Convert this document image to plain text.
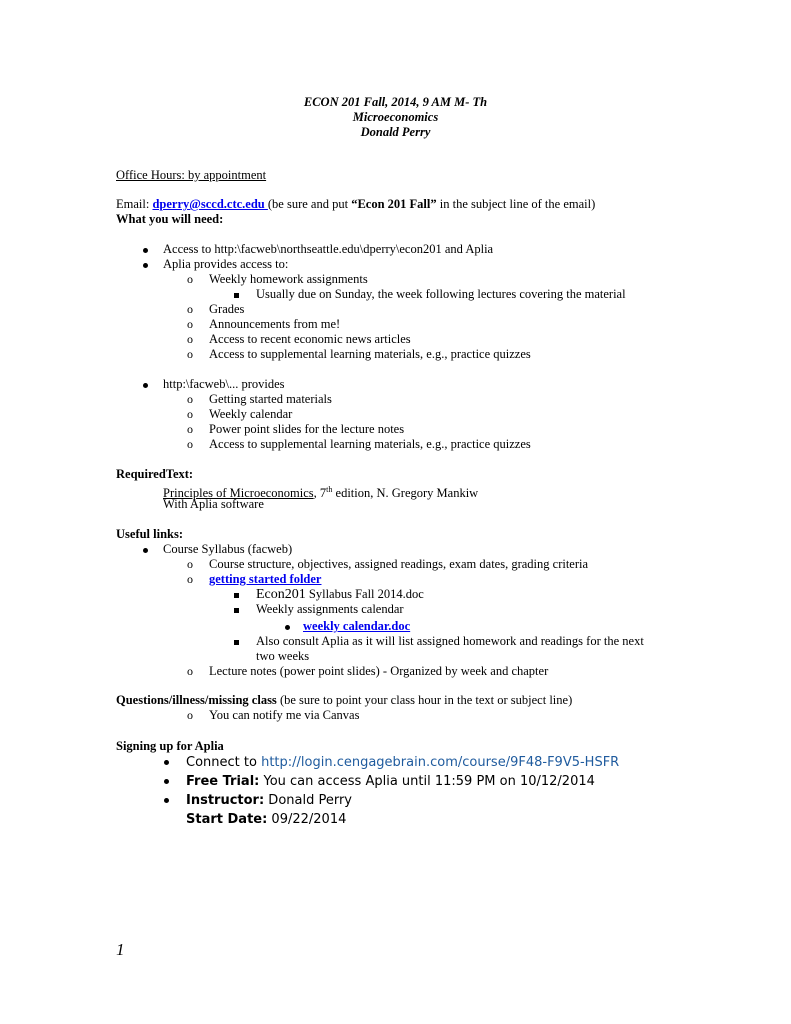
ECON 201 Fall, 2014, 9 AM M- Th
Microeconomics
Donald Perry
Office Hours: by appointment
Email: dperry@sccd.ctc.edu (be sure and put “Econ 201 Fall” in the subject line of the email)
What you will need:
Access to http:\facweb\northseattle.edu\dperry\econ201 and Aplia
Aplia provides access to:
o Weekly homework assignments
Usually due on Sunday, the week following lectures covering the material
o Grades
o Announcements from me!
o Access to recent economic news articles
o Access to supplemental learning materials, e.g., practice quizzes
http:\facweb\... provides
o Getting started materials
o Weekly calendar
o Power point slides for the lecture notes
o Access to supplemental learning materials, e.g., practice quizzes
RequiredText:
Principles of Microeconomics, 7th edition, N. Gregory Mankiw
With Aplia software
Useful links:
Course Syllabus (facweb)
o Course structure, objectives, assigned readings, exam dates, grading criteria
o getting started folder
Econ201 Syllabus Fall 2014.doc
Weekly assignments calendar
weekly calendar.doc
Also consult Aplia as it will list assigned homework and readings for the next
two weeks
o Lecture notes (power point slides) - Organized by week and chapter
Questions/illness/missing class (be sure to point your class hour in the text or subject line)
o You can notify me via Canvas
Signing up for Aplia
Connect to http://login.cengagebrain.com/course/9F48-F9V5-HSFR
Free Trial: You can access Aplia until 11:59 PM on 10/12/2014
Instructor: Donald Perry
Start Date: 09/22/2014
1
